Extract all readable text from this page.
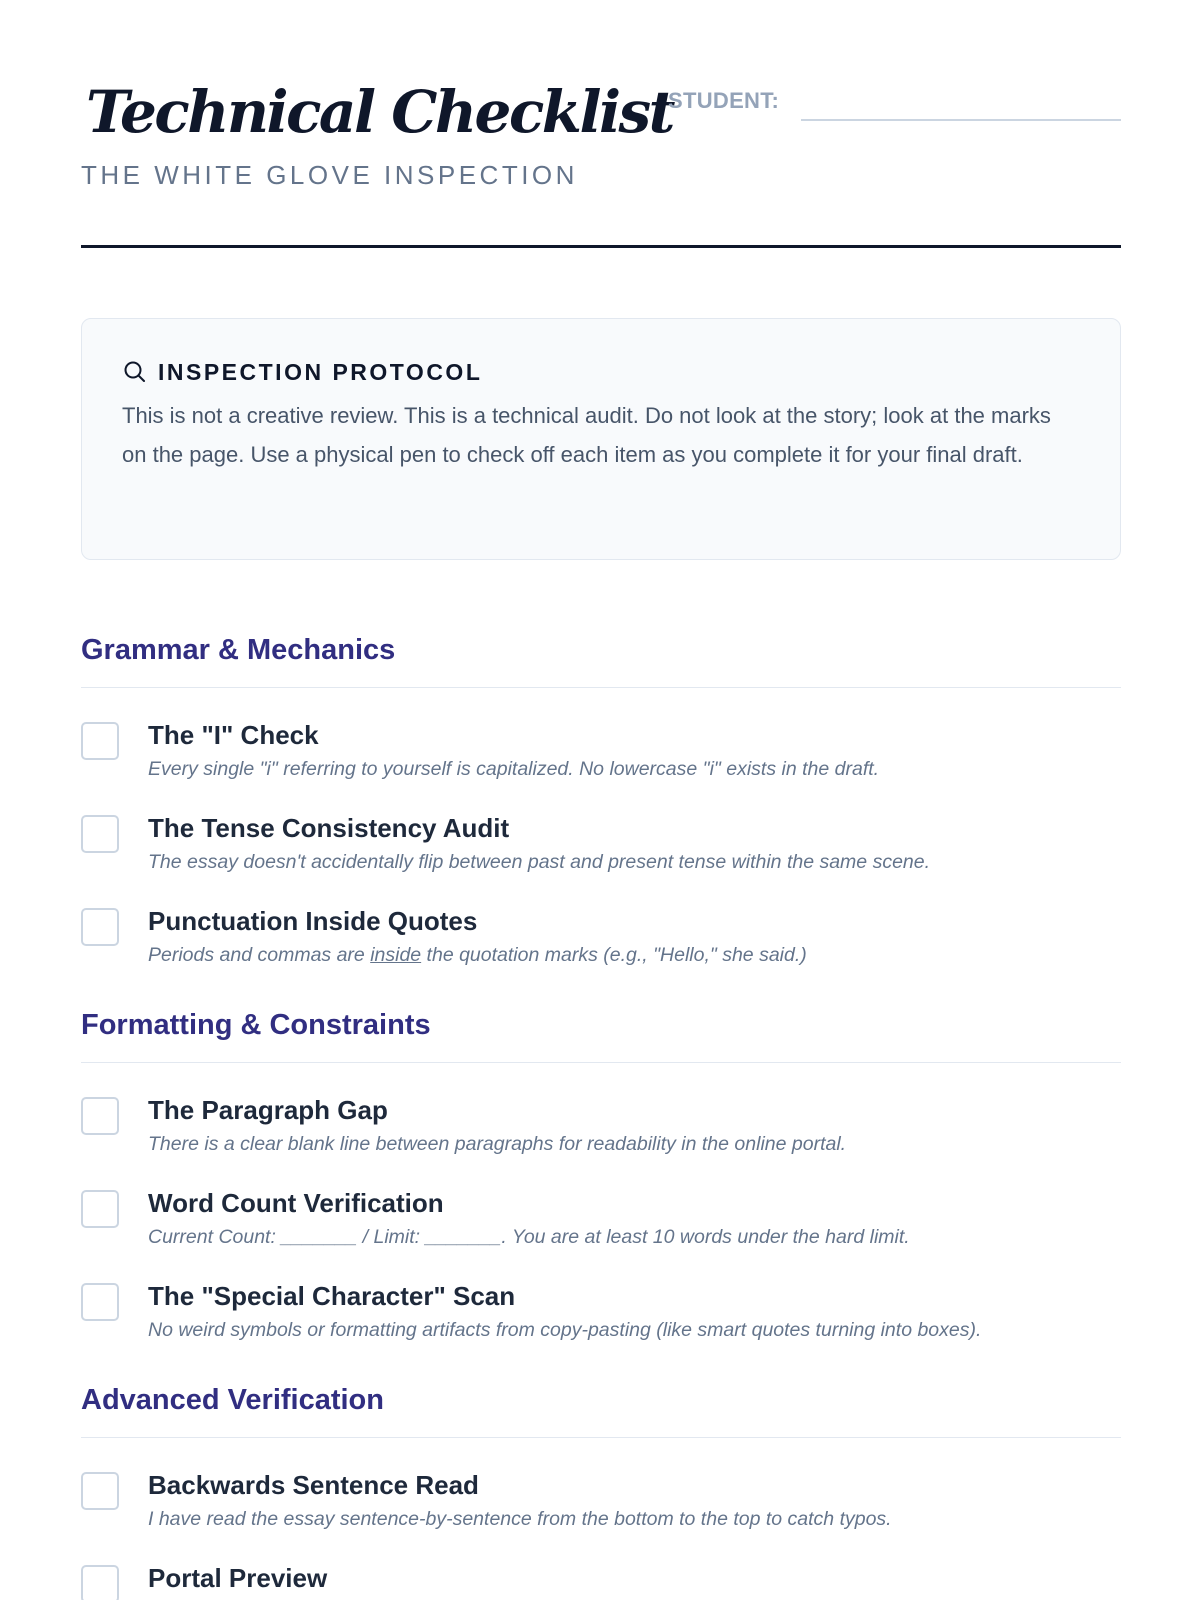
Technical Checklist
THE WHITE GLOVE INSPECTION
STUDENT:
INSPECTION PROTOCOL
This is not a creative review. This is a technical audit. Do not look at the story; look at the marks on the page. Use a physical pen to check off each item as you complete it for your final draft.
Grammar & Mechanics
The "I" Check
Every single "i" referring to yourself is capitalized. No lowercase "i" exists in the draft.
The Tense Consistency Audit
The essay doesn't accidentally flip between past and present tense within the same scene.
Punctuation Inside Quotes
Periods and commas are inside the quotation marks (e.g., "Hello," she said.)
Formatting & Constraints
The Paragraph Gap
There is a clear blank line between paragraphs for readability in the online portal.
Word Count Verification
Current Count: _______ / Limit: _______. You are at least 10 words under the hard limit.
The "Special Character" Scan
No weird symbols or formatting artifacts from copy-pasting (like smart quotes turning into boxes).
Advanced Verification
Backwards Sentence Read
I have read the essay sentence-by-sentence from the bottom to the top to catch typos.
Portal Preview
